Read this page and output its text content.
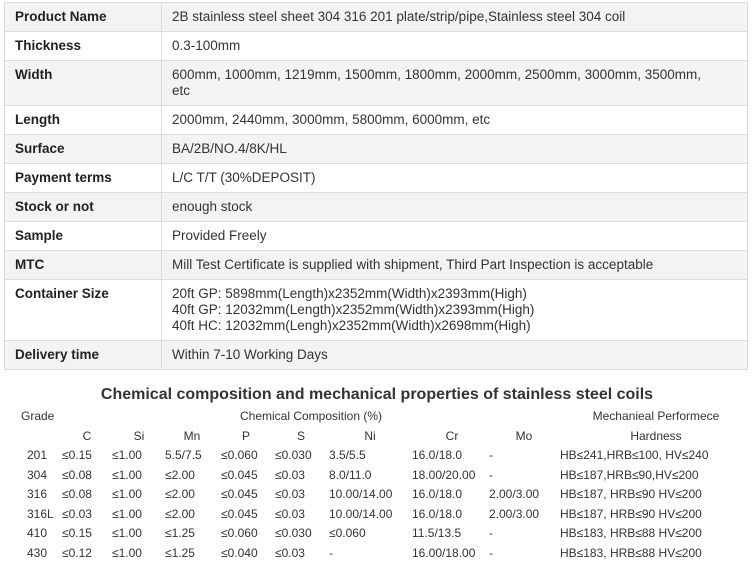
Product Name	2B stainless steel sheet 304 316 201 plate/strip/pipe,Stainless steel 304 coil

Thickness	0.3-100mm

Width	600mm, 1000mm, 1219mm, 1500mm, 1800mm, 2000mm, 2500mm, 3000mm, 3500mm,
etc

Length	2000mm, 2440mm, 3000mm, 5800mm, 6000mm, etc

Surface	BA/2B/NO.4/8K/HL

Payment terms	L/C T/T (30%DEPOSIT)

Stock or not	enough stock

Sample	Provided Freely

MTC	Mill Test Certificate is supplied with shipment, Third Part Inspection is acceptable

Container Size	20ft GP: 5898mm(Length)x2352mm(Width)x2393mm(High)
40ft GP: 12032mm(Length)x2352mm(Width)x2393mm(High)
40ft HC: 12032mm(Lengh)x2352mm(Width)x2698mm(High)

Delivery time	Within 7-10 Working Days
Chemical composition and mechanical properties of stainless steel coils
Grade	Chemical Composition (%)	Mechanieal Performece
C	Si	Mn	P	S	Ni	Cr	Mo	Hardness
201 ≤0.15 ≤1.00 5.5/7.5 ≤0.060 ≤0.030 3.5/5.5	16.0/18.0 -	HB≤241,HRB≤100, HV≤240
304 ≤0.08 ≤1.00 ≤2.00 ≤0.045 ≤0.03 8.0/11.0	18.00/20.00 -	HB≤187,HRB≤90,HV≤200
316 ≤0.08 ≤1.00 ≤2.00 ≤0.045 ≤0.03 10.00/14.00 16.0/18.0 2.00/3.00 HB≤187, HRB≤90 HV≤200
316L ≤0.03 ≤1.00 ≤2.00 ≤0.045 ≤0.03 10.00/14.00 16.0/18.0 2.00/3.00 HB≤187, HRB≤90 HV≤200
410 ≤0.15 ≤1.00 ≤1.25 ≤0.060 ≤0.030 ≤0.060	11.5/13.5 -	HB≤183, HRB≤88 HV≤200
430 ≤0.12 ≤1.00 ≤1.25 ≤0.040 ≤0.03 -	16.00/18.00 -	HB≤183, HRB≤88 HV≤200
